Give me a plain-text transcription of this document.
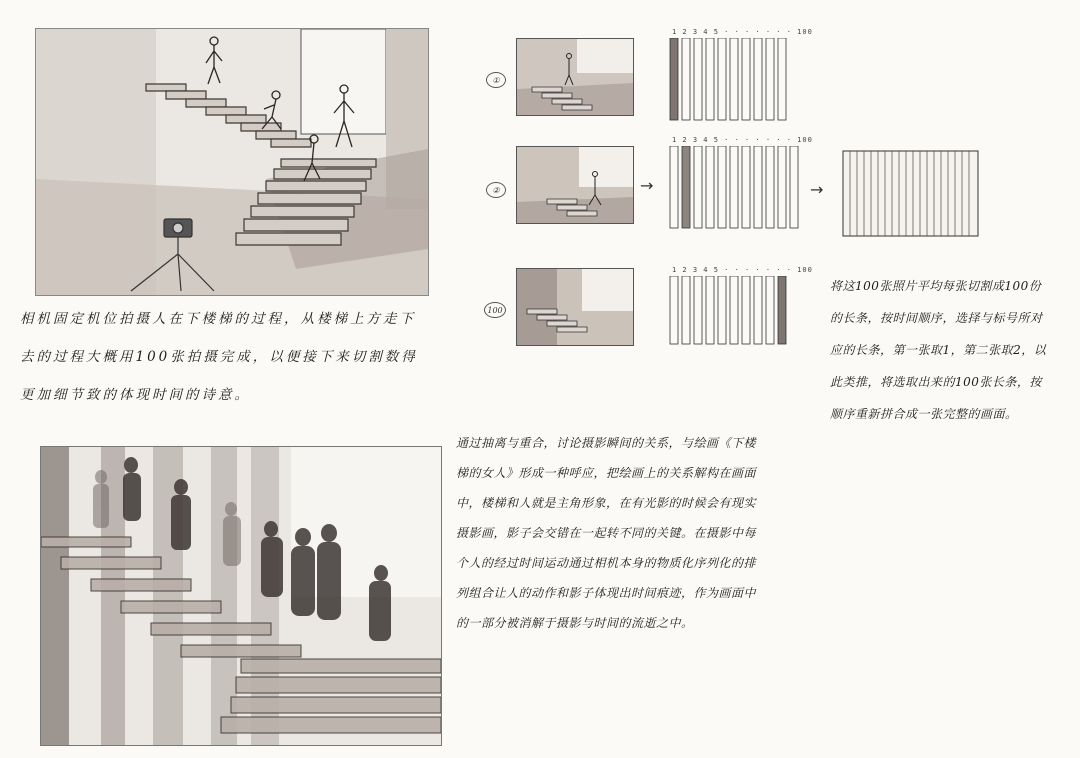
相机固定机位拍摄人在下楼梯的过程，从楼梯上方走下去的过程大概用100张拍摄完成，以便接下来切割数得更加细节致的体现时间的诗意。
①
1 2 3 4 5 · · · · · · · 100
②	→
1 2 3 4 5 · · · · · · · 100
→
100
1 2 3 4 5 · · · · · · · 100
将这100张照片平均每张切割成100份的长条，按时间顺序，选择与标号所对应的长条，第一张取1，第二张取2，以此类推，将选取出来的100张长条，按顺序重新拼合成一张完整的画面。
通过抽离与重合，讨论摄影瞬间的关系，与绘画《下楼梯的女人》形成一种呼应，把绘画上的关系解构在画面中，楼梯和人就是主角形象，在有光影的时候会有现实摄影画，影子会交错在一起转不同的关键。在摄影中每个人的经过时间运动通过相机本身的物质化序列化的排列组合让人的动作和影子体现出时间痕迹，作为画面中的一部分被消解于摄影与时间的流逝之中。
